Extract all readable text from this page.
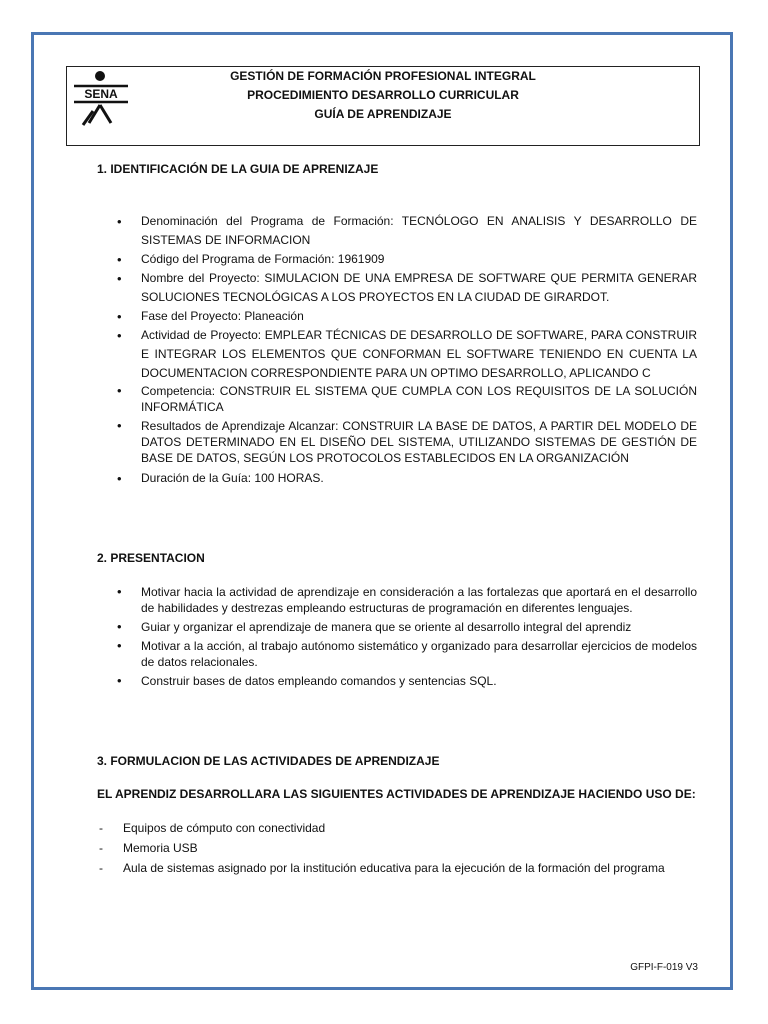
SENA
GESTIÓN DE FORMACIÓN PROFESIONAL INTEGRAL
PROCEDIMIENTO DESARROLLO CURRICULAR
GUÍA DE APRENDIZAJE
1. IDENTIFICACIÓN DE LA GUIA DE APRENIZAJE
• Denominación del Programa de Formación: TECNÓLOGO EN ANALISIS Y DESARROLLO DE SISTEMAS DE INFORMACION
• Código del Programa de Formación: 1961909
• Nombre del Proyecto: SIMULACION DE UNA EMPRESA DE SOFTWARE QUE PERMITA GENERAR SOLUCIONES TECNOLÓGICAS A LOS PROYECTOS EN LA CIUDAD DE GIRARDOT.
• Fase del Proyecto: Planeación
• Actividad de Proyecto: EMPLEAR TÉCNICAS DE DESARROLLO DE SOFTWARE, PARA CONSTRUIR E INTEGRAR LOS ELEMENTOS QUE CONFORMAN EL SOFTWARE TENIENDO EN CUENTA LA DOCUMENTACION CORRESPONDIENTE PARA UN OPTIMO DESARROLLO, APLICANDO C
• Competencia: CONSTRUIR EL SISTEMA QUE CUMPLA CON LOS REQUISITOS DE LA SOLUCIÓN INFORMÁTICA
• Resultados de Aprendizaje Alcanzar: CONSTRUIR LA BASE DE DATOS, A PARTIR DEL MODELO DE DATOS DETERMINADO EN EL DISEÑO DEL SISTEMA, UTILIZANDO SISTEMAS DE GESTIÓN DE BASE DE DATOS, SEGÚN LOS PROTOCOLOS ESTABLECIDOS EN LA ORGANIZACIÓN
• Duración de la Guía: 100 HORAS.
2. PRESENTACION
• Motivar hacia la actividad de aprendizaje en consideración a las fortalezas que aportará en el desarrollo de habilidades y destrezas empleando estructuras de programación en diferentes lenguajes.
• Guiar y organizar el aprendizaje de manera que se oriente al desarrollo integral del aprendiz
• Motivar a la acción, al trabajo autónomo sistemático y organizado para desarrollar ejercicios de modelos de datos relacionales.
• Construir bases de datos empleando comandos y sentencias SQL.
3. FORMULACION DE LAS ACTIVIDADES DE APRENDIZAJE
EL APRENDIZ DESARROLLARA LAS SIGUIENTES ACTIVIDADES DE APRENDIZAJE HACIENDO USO DE:
- Equipos de cómputo con conectividad
- Memoria USB
- Aula de sistemas asignado por la institución educativa para la ejecución de la formación del programa
GFPI-F-019 V3
